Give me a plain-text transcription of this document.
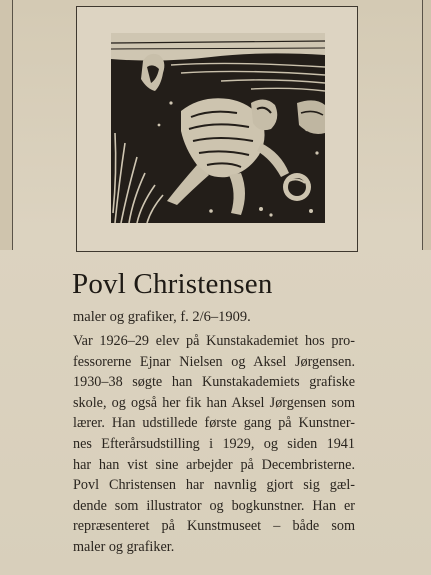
Povl Christensen
maler og grafiker, f. 2/6–1909.
Var 1926–29 elev på Kunstakademiet hos pro-
fessorerne Ejnar Nielsen og Aksel Jørgensen.
1930–38 søgte han Kunstakademiets grafiske
skole, og også her fik han Aksel Jørgensen som
lærer. Han udstillede første gang på Kunstner-
nes Efterårsudstilling i 1929, og siden 1941
har han vist sine arbejder på Decembristerne.
Povl Christensen har navnlig gjort sig gæl-
dende som illustrator og bogkunstner. Han er
repræsenteret på Kunstmuseet – både som
maler og grafiker.
